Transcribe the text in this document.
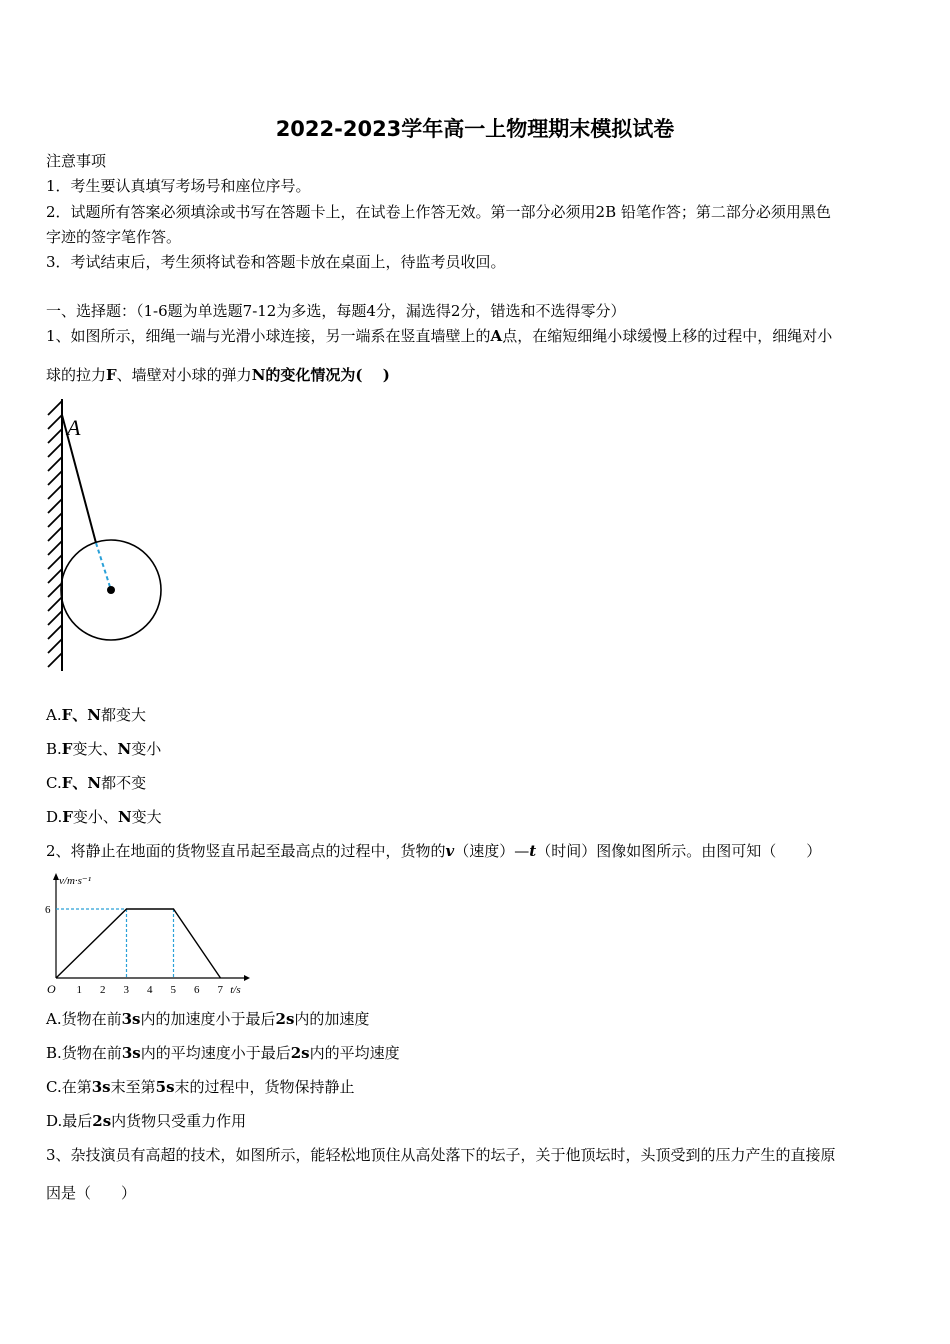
2022-2023学年高一上物理期末模拟试卷
注意事项
1．考生要认真填写考场号和座位序号。
2．试题所有答案必须填涂或书写在答题卡上，在试卷上作答无效。第一部分必须用2B 铅笔作答；第二部分必须用黑色
字迹的签字笔作答。
3．考试结束后，考生须将试卷和答题卡放在桌面上，待监考员收回。
一、选择题：（1-6题为单选题7-12为多选，每题4分，漏选得2分，错选和不选得零分）
1、如图所示，细绳一端与光滑小球连接，另一端系在竖直墙壁上的A点，在缩短细绳小球缓慢上移的过程中，细绳对小
球的拉力F、墙壁对小球的弹力N的变化情况为(　 )
A
A.F、N都变大
B.F变大、N变小
C.F、N都不变
D.F变小、N变大
2、将静止在地面的货物竖直吊起至最高点的过程中，货物的v（速度）—t（时间）图像如图所示。由图可知（　　）
v/m·s⁻¹
t/s
O 1 2 3 4 5 6 7
6
A.货物在前3s内的加速度小于最后2s内的加速度
B.货物在前3s内的平均速度小于最后2s内的平均速度
C.在第3s末至第5s末的过程中，货物保持静止
D.最后2s内货物只受重力作用
3、杂技演员有高超的技术，如图所示，能轻松地顶住从高处落下的坛子，关于他顶坛时，头顶受到的压力产生的直接原
因是（　　）
